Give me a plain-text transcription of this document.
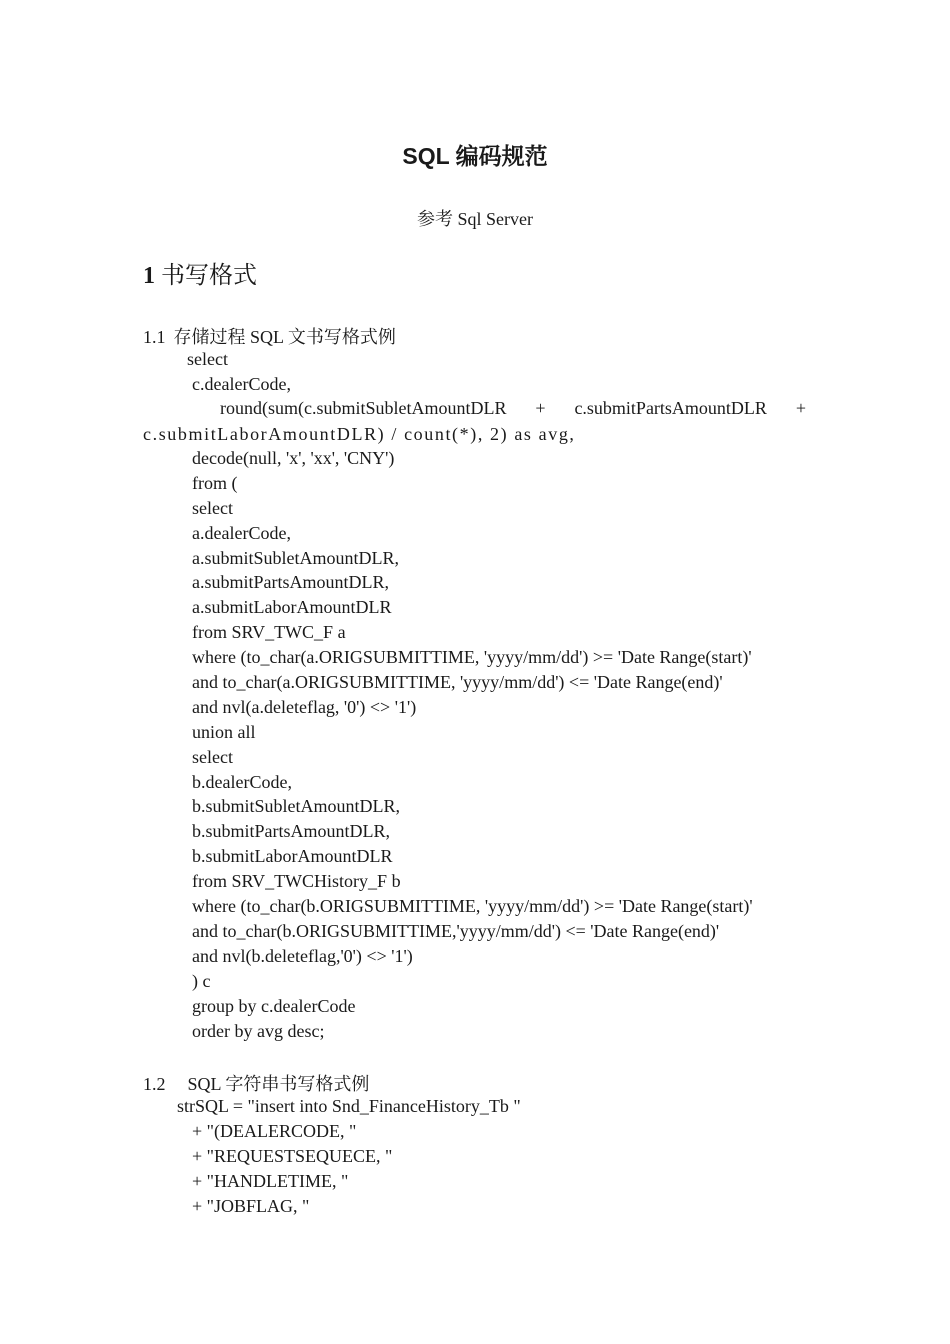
SQL 编码规范
参考 Sql Server
1 书写格式
1.1 存储过程 SQL 文书写格式例
select
c.dealerCode,
round(sum(c.submitSubletAmountDLR + c.submitPartsAmountDLR +
c.submitLaborAmountDLR) / count(*), 2) as avg,
decode(null, 'x', 'xx', 'CNY')
from (
select
a.dealerCode,
a.submitSubletAmountDLR,
a.submitPartsAmountDLR,
a.submitLaborAmountDLR
from SRV_TWC_F a
where (to_char(a.ORIGSUBMITTIME, 'yyyy/mm/dd') >= 'Date Range(start)'
and to_char(a.ORIGSUBMITTIME, 'yyyy/mm/dd') <= 'Date Range(end)'
and nvl(a.deleteflag, '0') <> '1')
union all
select
b.dealerCode,
b.submitSubletAmountDLR,
b.submitPartsAmountDLR,
b.submitLaborAmountDLR
from SRV_TWCHistory_F b
where (to_char(b.ORIGSUBMITTIME, 'yyyy/mm/dd') >= 'Date Range(start)'
and to_char(b.ORIGSUBMITTIME,'yyyy/mm/dd') <= 'Date Range(end)'
and nvl(b.deleteflag,'0') <> '1')
) c
group by c.dealerCode
order by avg desc;
1.2 SQL 字符串书写格式例
strSQL = "insert into Snd_FinanceHistory_Tb "
+ "(DEALERCODE, "
+ "REQUESTSEQUECE, "
+ "HANDLETIME, "
+ "JOBFLAG, "
